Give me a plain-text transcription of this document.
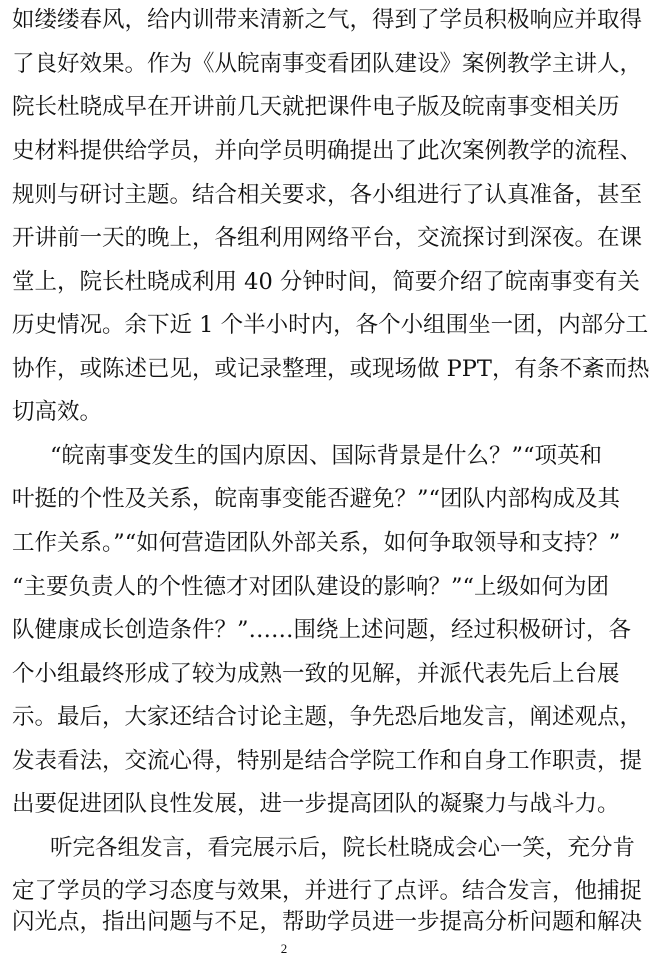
如缕缕春风，给内训带来清新之气，得到了学员积极响应并取得
了良好效果。作为《从皖南事变看团队建设》案例教学主讲人，
院长杜晓成早在开讲前几天就把课件电子版及皖南事变相关历
史材料提供给学员，并向学员明确提出了此次案例教学的流程、
规则与研讨主题。结合相关要求，各小组进行了认真准备，甚至
开讲前一天的晚上，各组利用网络平台，交流探讨到深夜。在课
堂上，院长杜晓成利用 40 分钟时间，简要介绍了皖南事变有关
历史情况。余下近 1 个半小时内，各个小组围坐一团，内部分工
协作，或陈述已见，或记录整理，或现场做 PPT，有条不紊而热
切高效。
“皖南事变发生的国内原因、国际背景是什么？”“项英和
叶挺的个性及关系，皖南事变能否避免？”“团队内部构成及其
工作关系。”“如何营造团队外部关系，如何争取领导和支持？”
“主要负责人的个性德才对团队建设的影响？”“上级如何为团
队健康成长创造条件？”……围绕上述问题，经过积极研讨，各
个小组最终形成了较为成熟一致的见解，并派代表先后上台展
示。最后，大家还结合讨论主题，争先恐后地发言，阐述观点，
发表看法，交流心得，特别是结合学院工作和自身工作职责，提
出要促进团队良性发展，进一步提高团队的凝聚力与战斗力。
听完各组发言，看完展示后，院长杜晓成会心一笑，充分肯
定了学员的学习态度与效果，并进行了点评。结合发言，他捕捉
闪光点，指出问题与不足，帮助学员进一步提高分析问题和解决
2
